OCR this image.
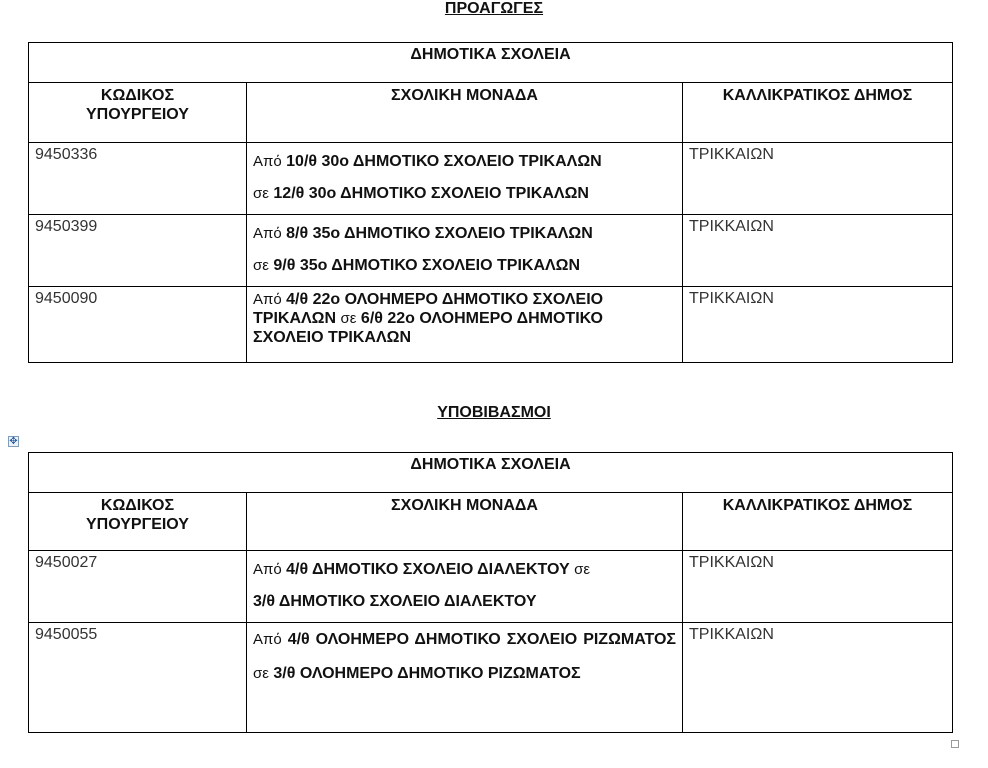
ΠΡΟΑΓΩΓΕΣ
ΔΗΜΟΤΙΚΑ ΣΧΟΛΕΙΑ		
ΚΩΔΙΚΟΣ
ΥΠΟΥΡΓΕΙΟΥ	ΣΧΟΛΙΚΗ ΜΟΝΑΔΑ	ΚΑΛΛΙΚΡΑΤΙΚΟΣ ΔΗΜΟΣ
9450336	Από 10/θ 30ο ΔΗΜΟΤΙΚΟ ΣΧΟΛΕΙΟ ΤΡΙΚΑΛΩΝ
σε 12/θ 30ο ΔΗΜΟΤΙΚΟ ΣΧΟΛΕΙΟ ΤΡΙΚΑΛΩΝ	ΤΡΙΚΚΑΙΩΝ
9450399	Από 8/θ 35ο ΔΗΜΟΤΙΚΟ ΣΧΟΛΕΙΟ ΤΡΙΚΑΛΩΝ
σε 9/θ 35ο ΔΗΜΟΤΙΚΟ ΣΧΟΛΕΙΟ ΤΡΙΚΑΛΩΝ	ΤΡΙΚΚΑΙΩΝ
9450090	Από 4/θ 22ο ΟΛΟΗΜΕΡΟ ΔΗΜΟΤΙΚΟ ΣΧΟΛΕΙΟ ΤΡΙΚΑΛΩΝ σε 6/θ 22ο ΟΛΟΗΜΕΡΟ ΔΗΜΟΤΙΚΟ ΣΧΟΛΕΙΟ ΤΡΙΚΑΛΩΝ	ΤΡΙΚΚΑΙΩΝ
ΥΠΟΒΙΒΑΣΜΟΙ
✥
ΔΗΜΟΤΙΚΑ ΣΧΟΛΕΙΑ		
ΚΩΔΙΚΟΣ
ΥΠΟΥΡΓΕΙΟΥ	ΣΧΟΛΙΚΗ ΜΟΝΑΔΑ	ΚΑΛΛΙΚΡΑΤΙΚΟΣ ΔΗΜΟΣ
9450027	Από 4/θ ΔΗΜΟΤΙΚΟ ΣΧΟΛΕΙΟ ΔΙΑΛΕΚΤΟΥ σε
3/θ ΔΗΜΟΤΙΚΟ ΣΧΟΛΕΙΟ ΔΙΑΛΕΚΤΟΥ	ΤΡΙΚΚΑΙΩΝ
9450055	Από 4/θ ΟΛΟΗΜΕΡΟ ΔΗΜΟΤΙΚΟ ΣΧΟΛΕΙΟ ΡΙΖΩΜΑΤΟΣ σε 3/θ ΟΛΟΗΜΕΡΟ ΔΗΜΟΤΙΚΟ ΡΙΖΩΜΑΤΟΣ	ΤΡΙΚΚΑΙΩΝ
